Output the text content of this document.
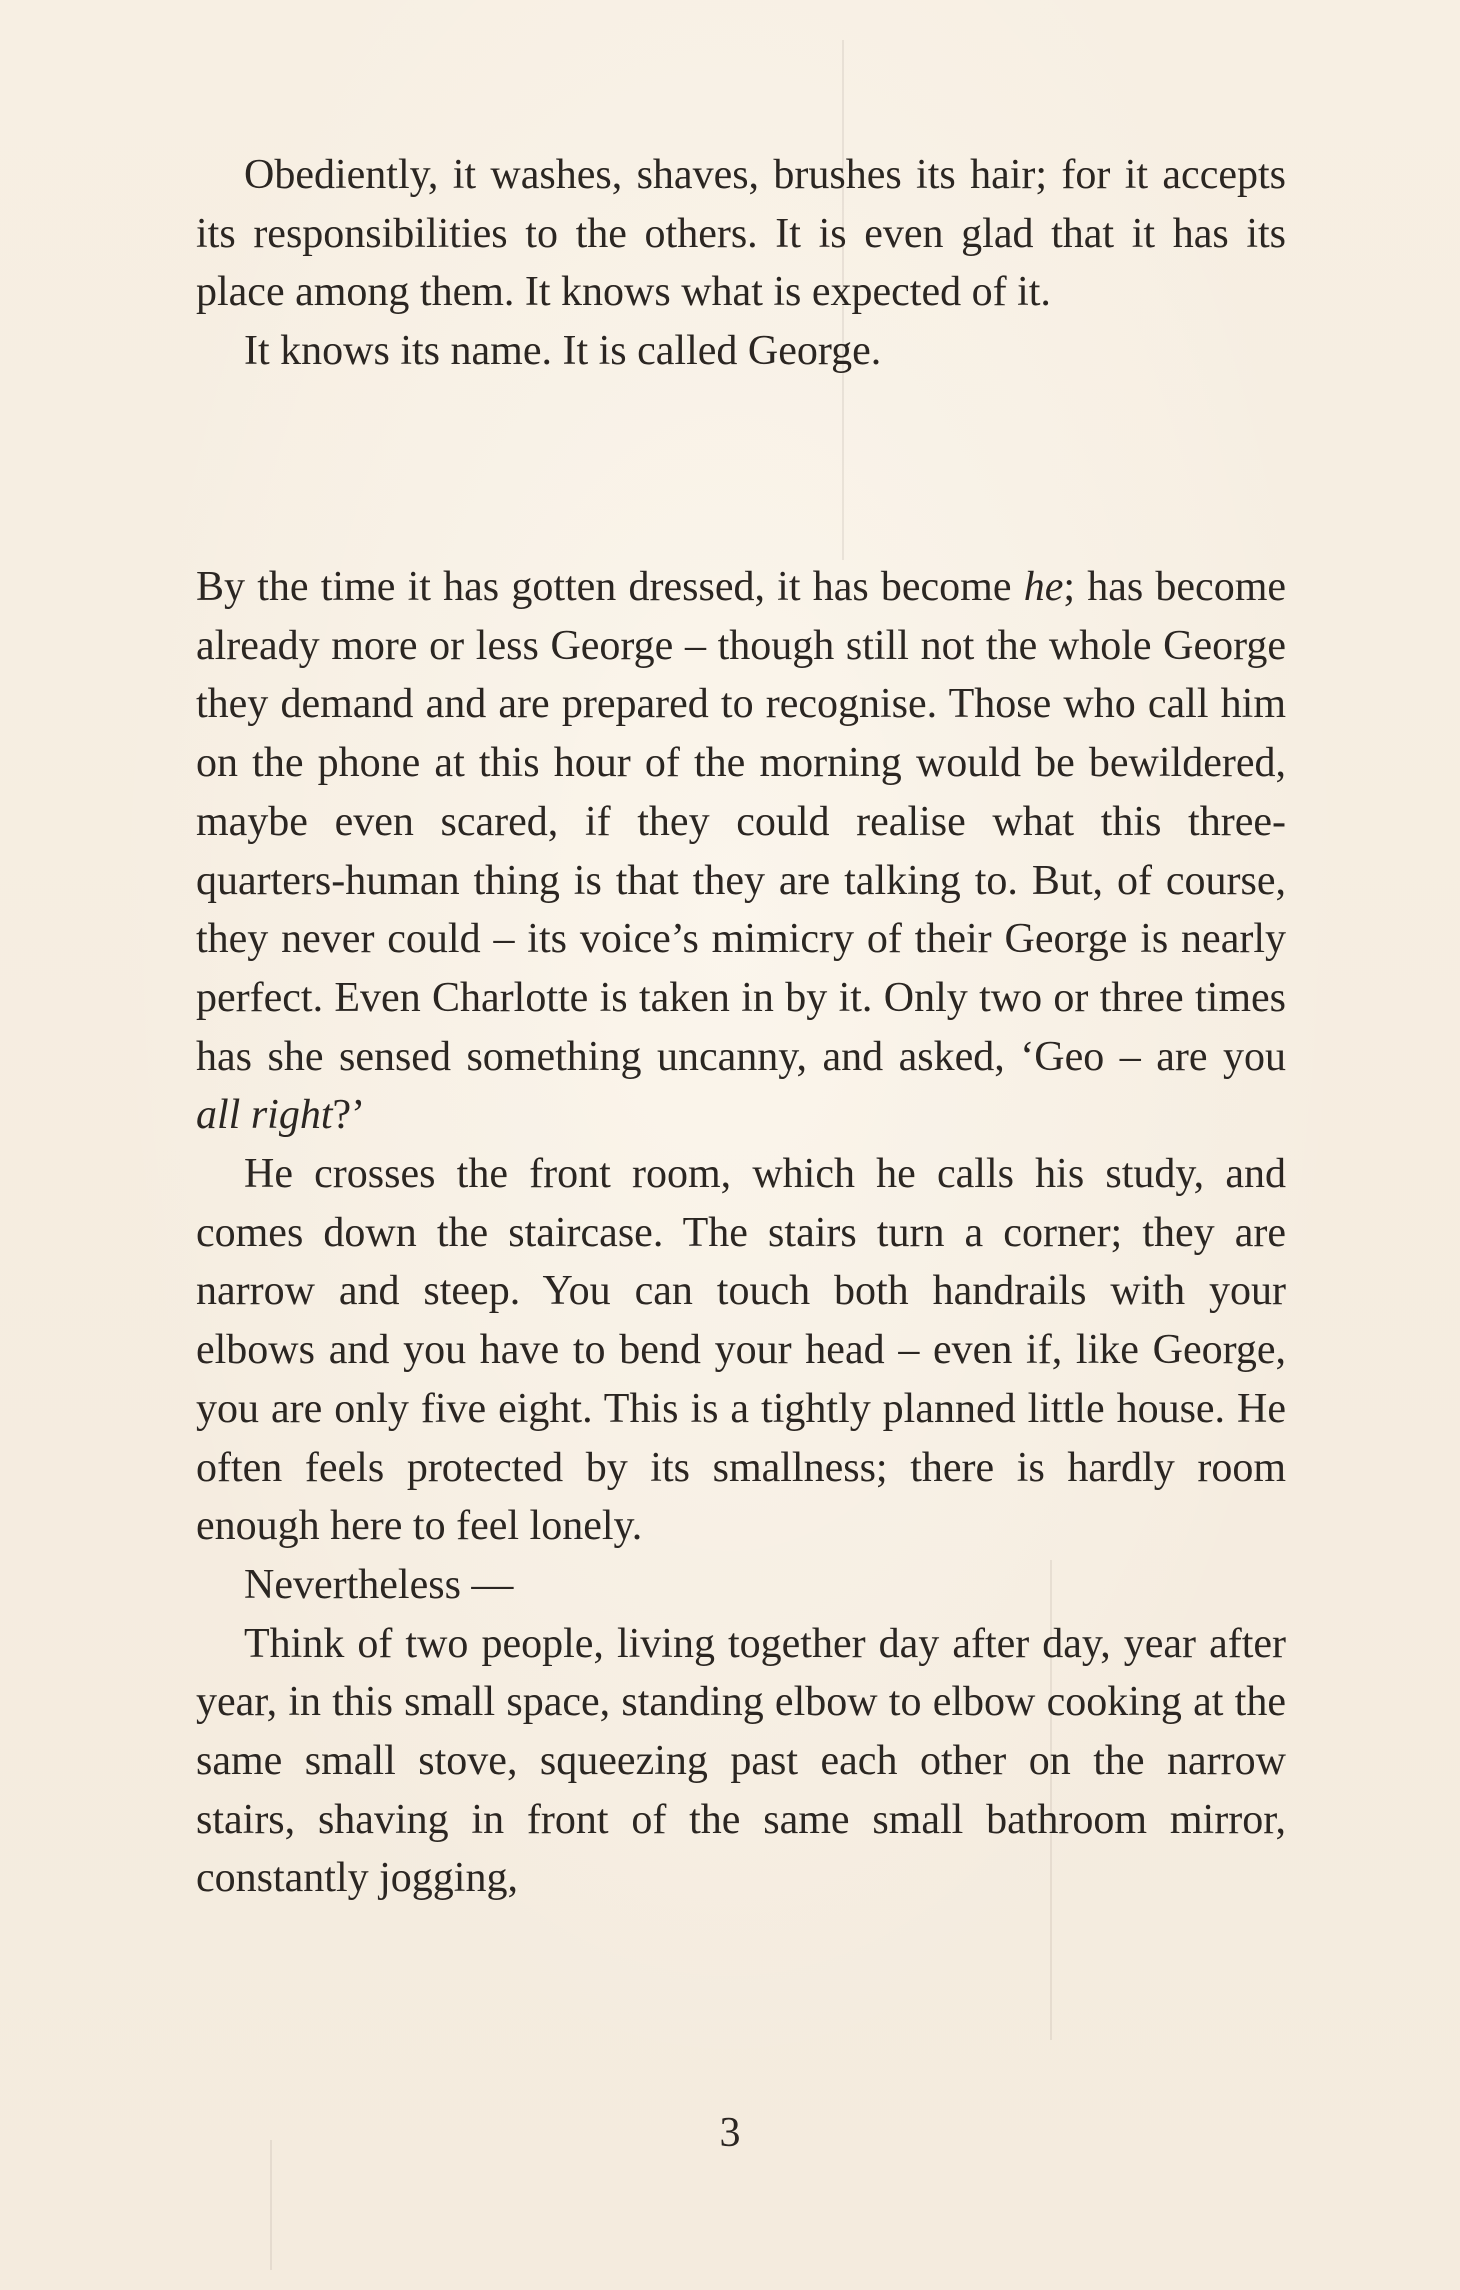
Obediently, it washes, shaves, brushes its hair; for it accepts its responsibilities to the others. It is even glad that it has its place among them. It knows what is expected of it.

It knows its name. It is called George.

By the time it has gotten dressed, it has become he; has become already more or less George – though still not the whole George they demand and are prepared to recognise. Those who call him on the phone at this hour of the morning would be bewildered, maybe even scared, if they could realise what this three-quarters-human thing is that they are talking to. But, of course, they never could – its voice’s mimicry of their George is nearly perfect. Even Charlotte is taken in by it. Only two or three times has she sensed something uncanny, and asked, ‘Geo – are you all right?’

He crosses the front room, which he calls his study, and comes down the staircase. The stairs turn a corner; they are narrow and steep. You can touch both handrails with your elbows and you have to bend your head – even if, like George, you are only five eight. This is a tightly planned little house. He often feels protected by its smallness; there is hardly room enough here to feel lonely.

Nevertheless —

Think of two people, living together day after day, year after year, in this small space, standing elbow to elbow cooking at the same small stove, squeezing past each other on the narrow stairs, shaving in front of the same small bathroom mirror, constantly jogging,

3
